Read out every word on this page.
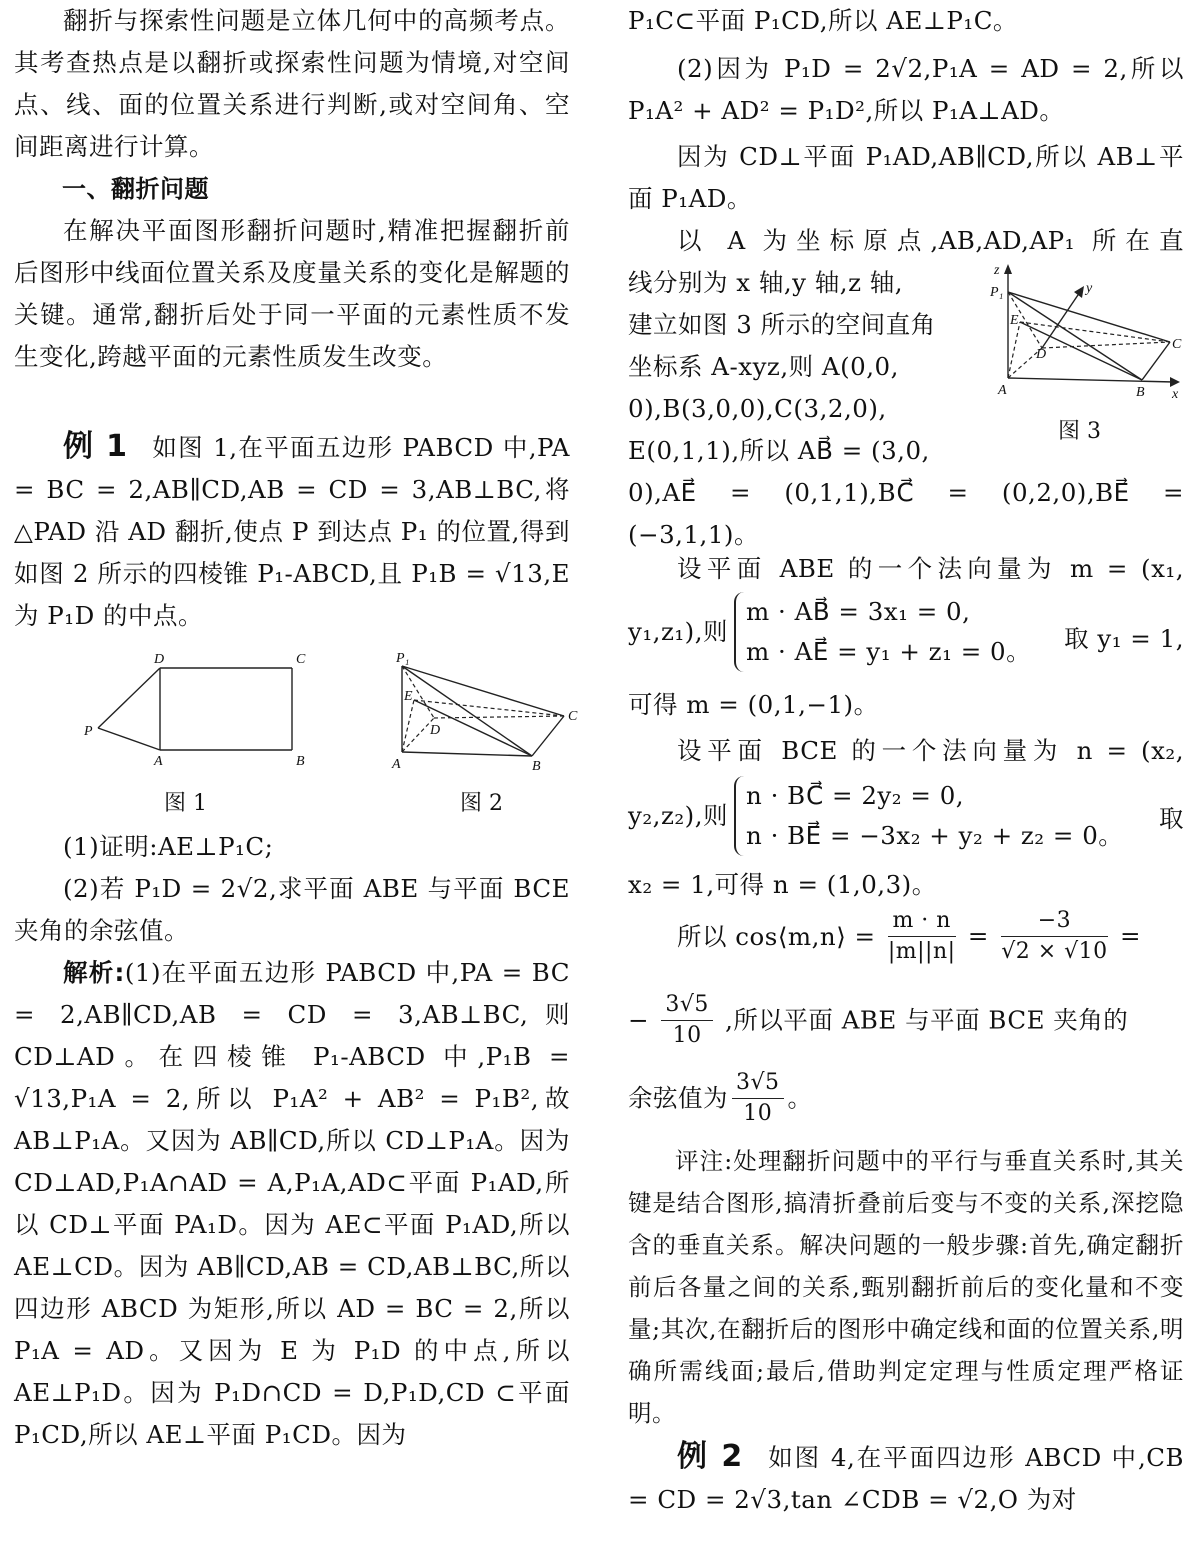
翻折与探索性问题是立体几何中的高频考点。其考查热点是以翻折或探索性问题为情境,对空间点、线、面的位置关系进行判断,或对空间角、空间距离进行计算。

一、翻折问题

在解决平面图形翻折问题时,精准把握翻折前后图形中线面位置关系及度量关系的变化是解题的关键。通常,翻折后处于同一平面的元素性质不发生变化,跨越平面的元素性质发生改变。

例 1 如图 1,在平面五边形 PABCD 中,PA = BC = 2,AB∥CD,AB = CD = 3,AB⊥BC,将△PAD 沿 AD 翻折,使点 P 到达点 P₁ 的位置,得到如图 2 所示的四棱锥 P₁-ABCD,且 P₁B = √13,E 为 P₁D 的中点。

D	C
P
A	B
图 1
P₁
E
D
C
A	B
图 2

(1)证明:AE⊥P₁C;

(2)若 P₁D = 2√2,求平面 ABE 与平面 BCE 夹角的余弦值。

解析:(1)在平面五边形 PABCD 中,PA = BC = 2,AB∥CD,AB = CD = 3,AB⊥BC,则 CD⊥AD。在四棱锥 P₁-ABCD 中,P₁B = √13,P₁A = 2,所以 P₁A² + AB² = P₁B²,故 AB⊥P₁A。又因为 AB∥CD,所以 CD⊥P₁A。因为 CD⊥AD,P₁A∩AD = A,P₁A,AD⊂平面 P₁AD,所以 CD⊥平面 PA₁D。因为 AE⊂平面 P₁AD,所以 AE⊥CD。因为 AB∥CD,AB = CD,AB⊥BC,所以四边形 ABCD 为矩形,所以 AD = BC = 2,所以 P₁A = AD。又因为 E 为 P₁D 的中点,所以 AE⊥P₁D。因为 P₁D∩CD = D,P₁D,CD ⊂平面 P₁CD,所以 AE⊥平面 P₁CD。因为

P₁C⊂平面 P₁CD,所以 AE⊥P₁C。

(2)因为 P₁D = 2√2,P₁A = AD = 2,所以 P₁A² + AD² = P₁D²,所以 P₁A⊥AD。

因为 CD⊥平面 P₁AD,AB∥CD,所以 AB⊥平面 P₁AD。

以 A 为坐标原点,AB,AD,AP₁ 所在直
线分别为 x 轴,y 轴,z 轴,
建立如图 3 所示的空间直角
坐标系 A-xyz,则 A(0,0,
0),B(3,0,0),C(3,2,0),
E(0,1,1),所以 AB⃗ = (3,0,
0),AE⃗ = (0,1,1),BC⃗ = (0,2,0),BE⃗ =
(−3,1,1)。
z
P₁	y
E
D
C
A	B x
图 3
设平面 ABE 的一个法向量为 m = (x₁,
y₁,z₁),则
m · AB⃗ = 3x₁ = 0,
m · AE⃗ = y₁ + z₁ = 0。 取 y₁ = 1,
可得 m = (0,1,−1)。
设平面 BCE 的一个法向量为 n = (x₂,
y₂,z₂),则
n · BC⃗ = 2y₂ = 0,
n · BE⃗ = −3x₂ + y₂ + z₂ = 0。
取
x₂ = 1,可得 n = (1,0,3)。
所以 cos⟨m,n⟩ = $\frac{m \cdot n}{|m||n|} = \frac{-3}{√2 \times √10}$ =
− $\frac{3√5}{10}$ ,所以平面 ABE 与平面 BCE 夹角的
余弦值为 $\frac{3√5}{10}$ 。

评注:处理翻折问题中的平行与垂直关系时,其关键是结合图形,搞清折叠前后变与不变的关系,深挖隐含的垂直关系。解决问题的一般步骤:首先,确定翻折前后各量之间的关系,甄别翻折前后的变化量和不变量;其次,在翻折后的图形中确定线和面的位置关系,明确所需线面;最后,借助判定定理与性质定理严格证明。

例 2 如图 4,在平面四边形 ABCD 中,CB = CD = 2√3,tan ∠CDB = √2,O 为对
